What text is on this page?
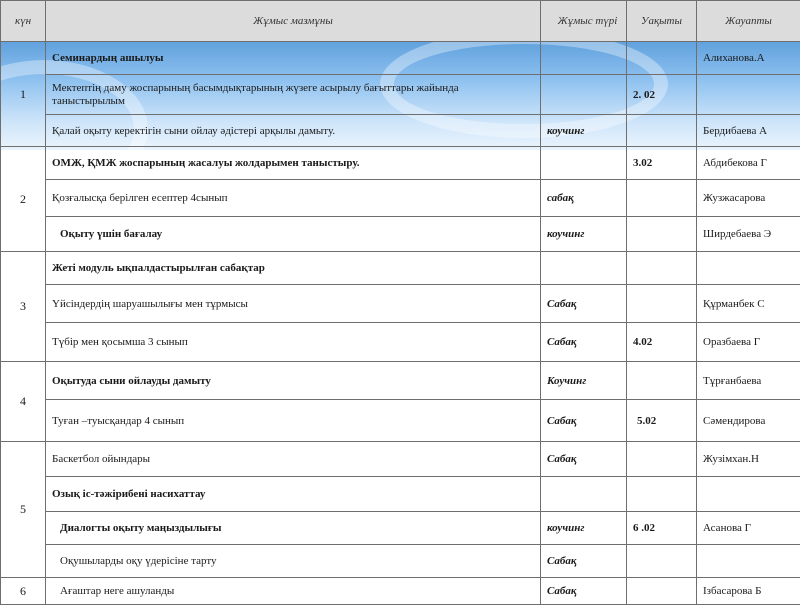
күн	Жұмыс мазмұны	Жұмыс түрі	Уақыты	Жауапты
1	Семинардың ашылуы			Алиханова.А
	Мектептің даму жоспарының басымдықтарының жүзеге асырылу бағыттары жайында таныстырылым		2. 02	
	Қалай оқыту керектігін сыни ойлау әдістері арқылы дамыту.	коучинг		Бердибаева А
2	ОМЖ, ҚМЖ жоспарының жасалуы жолдарымен таныстыру.		3.02	Абдибекова Г
	Қозғалысқа берілген есептер 4сынып	сабақ		Жузжасарова
	Оқыту үшін бағалау	коучинг		Ширдебаева Э
3	Жеті модуль ықпалдастырылған сабақтар			
	Үйсіндердің шаруашылығы мен тұрмысы	Сабақ		Құрманбек С
	Түбір мен қосымша 3 сынып	Сабақ	4.02	Оразбаева Г
4	Оқытуда сыни ойлауды дамыту	Коучинг		Тұрғанбаева
	Туған –туысқандар 4 сынып	Сабақ	5.02	Сәмендирова
5	Баскетбол ойындары	Сабақ		Жузімхан.Н
	Озық іс-тәжірибені насихаттау			
	Диалогты оқыту маңыздылығы	коучинг	6 .02	Асанова Г
	Оқушыларды оқу үдерісіне тарту	Сабақ		
6	Ағаштар неге ашуланды	Сабақ		Ізбасарова Б
